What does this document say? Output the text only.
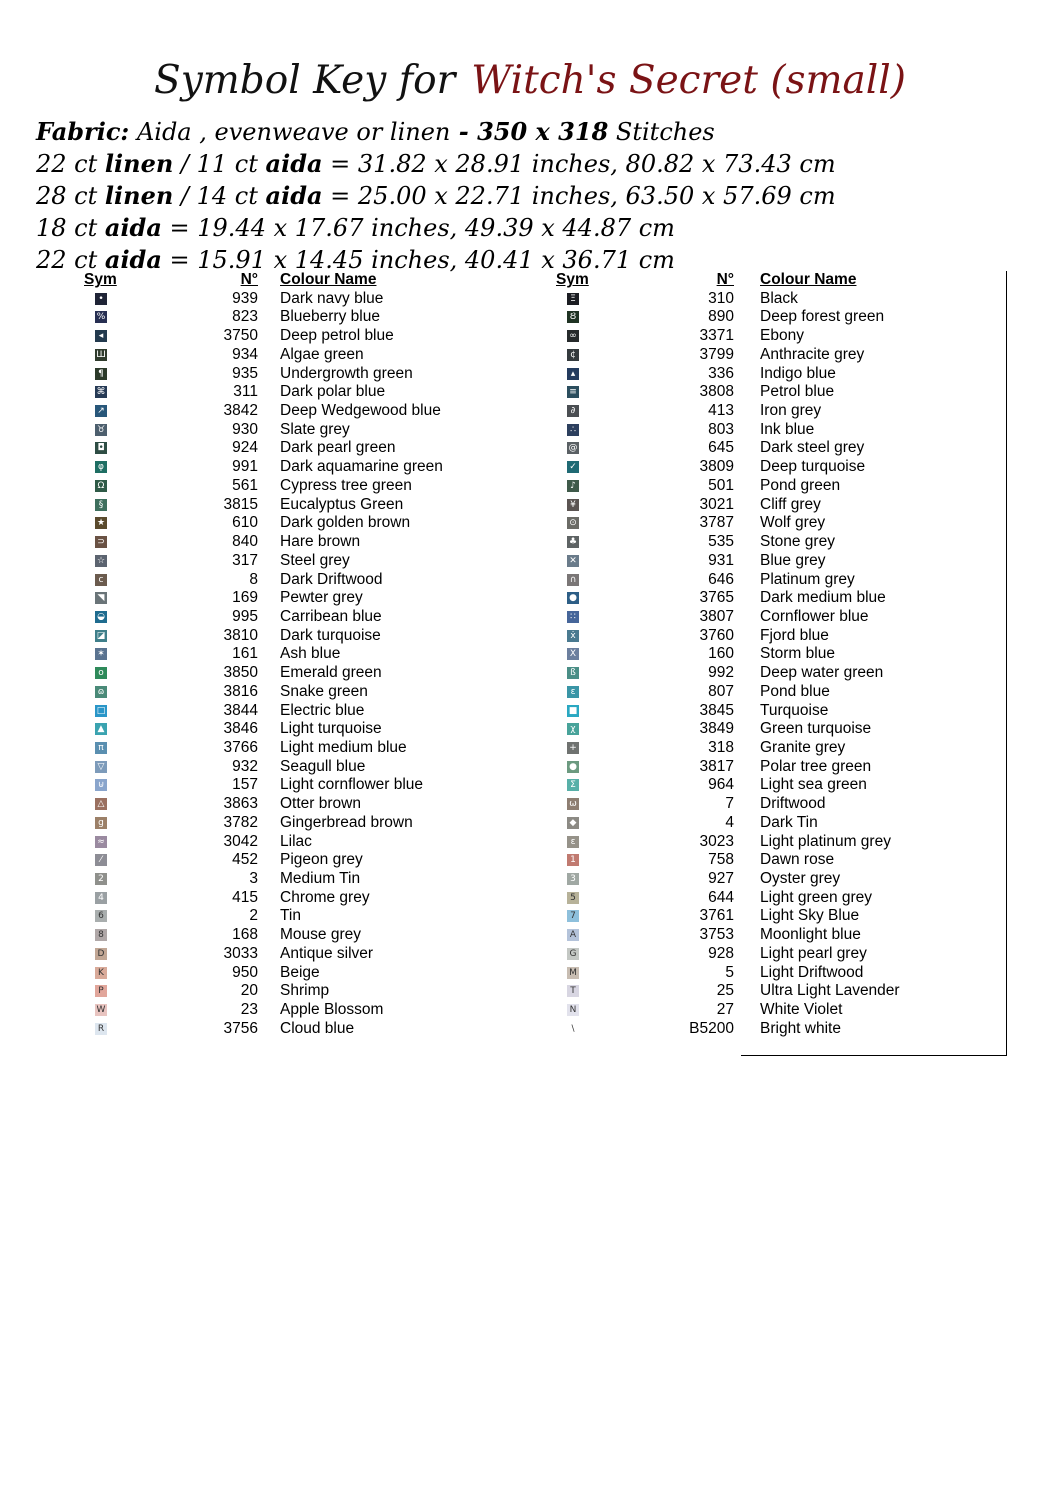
Symbol Key for Witch's Secret (small)
Fabric: Aida , evenweave or linen - 350 x 318 Stitches
22 ct linen / 11 ct aida = 31.82 x 28.91 inches, 80.82 x 73.43 cm
28 ct linen / 14 ct aida = 25.00 x 22.71 inches, 63.50 x 57.69 cm
18 ct aida = 19.44 x 17.67 inches, 49.39 x 44.87 cm
22 ct aida = 15.91 x 14.45 inches, 40.41 x 36.71 cm
Sym	N° Colour Name
•	939 Dark navy blue
%	823 Blueberry blue
◂	3750 Deep petrol blue
Ш	934 Algae green
¶	935 Undergrowth green
⌘	311 Dark polar blue
↗	3842 Deep Wedgewood blue
♉	930 Slate grey
◘	924 Dark pearl green
φ	991 Dark aquamarine green
Ω	561 Cypress tree green
§	3815 Eucalyptus Green
★	610 Dark golden brown
⊃	840 Hare brown
☆	317 Steel grey
c	8 Dark Driftwood
◥	169 Pewter grey
◒	995 Carribean blue
◪	3810 Dark turquoise
✶	161 Ash blue
o	3850 Emerald green
ɷ	3816 Snake green
□	3844 Electric blue
▲	3846 Light turquoise
π	3766 Light medium blue
▽	932 Seagull blue
⊍	157 Light cornflower blue
△	3863 Otter brown
g	3782 Gingerbread brown
≈	3042 Lilac
⁄	452 Pigeon grey
2	3 Medium Tin
4	415 Chrome grey
6	2 Tin
8	168 Mouse grey
D	3033 Antique silver
K	950 Beige
P	20 Shrimp
W	23 Apple Blossom
R	3756 Cloud blue
Sym	N° Colour Name
Ξ	310 Black
Ȣ	890 Deep forest green
∞	3371 Ebony
¢	3799 Anthracite grey
▴	336 Indigo blue
≡	3808 Petrol blue
∂	413 Iron grey
∴	803 Ink blue
@	645 Dark steel grey
✓	3809 Deep turquoise
♪	501 Pond green
¥	3021 Cliff grey
⊙	3787 Wolf grey
♣	535 Stone grey
✕	931 Blue grey
∩	646 Platinum grey
●	3765 Dark medium blue
∷	3807 Cornflower blue
ẋ	3760 Fjord blue
X	160 Storm blue
ß	992 Deep water green
ε	807 Pond blue
■	3845 Turquoise
χ	3849 Green turquoise
+	318 Granite grey
●	3817 Polar tree green
Σ	964 Light sea green
ω	7 Driftwood
◆	4 Dark Tin
ɛ	3023 Light platinum grey
1	758 Dawn rose
3	927 Oyster grey
5	644 Light green grey
7	3761 Light Sky Blue
A	3753 Moonlight blue
G	928 Light pearl grey
M	5 Light Driftwood
T	25 Ultra Light Lavender
N	27 White Violet
\	B5200 Bright white
